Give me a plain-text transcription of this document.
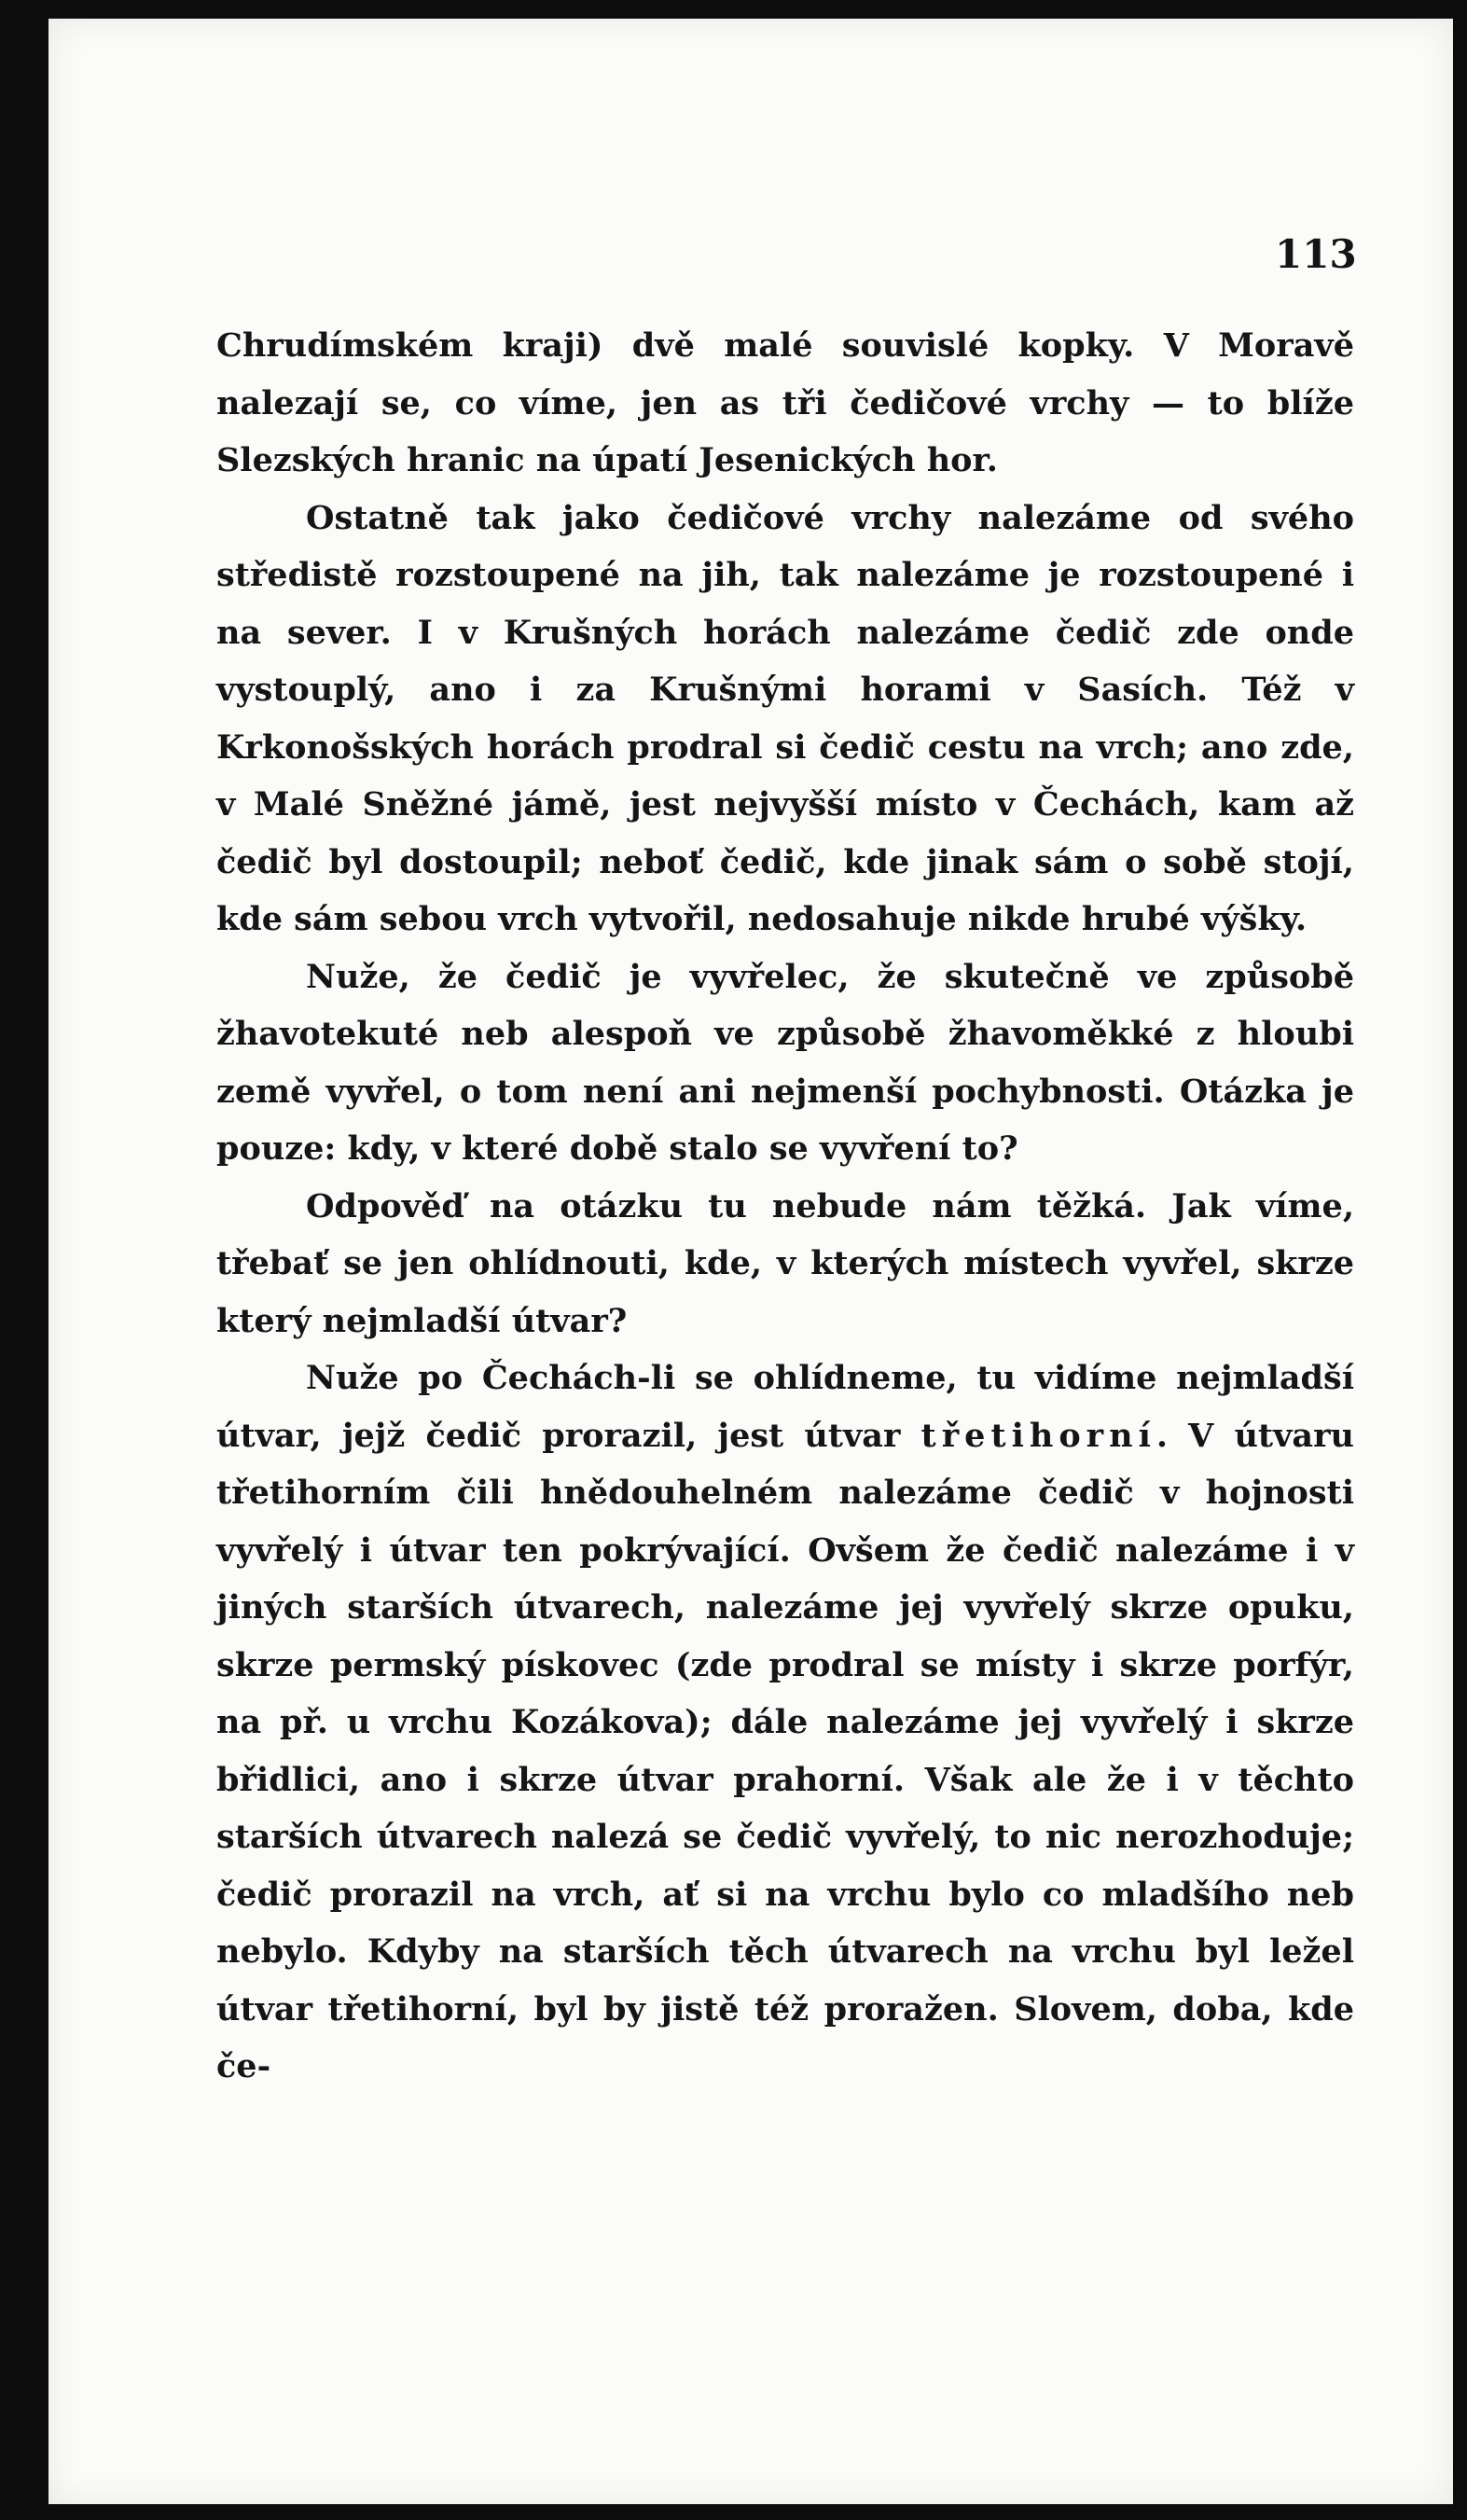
113

Chrudímském kraji) dvě malé souvislé kopky. V Moravě nalezají se, co víme, jen as tři čedičové vrchy — to blíže Slezských hranic na úpatí Jesenických hor.

Ostatně tak jako čedičové vrchy nalezáme od svého středistě rozstoupené na jih, tak nalezáme je rozstoupené i na sever. I v Krušných horách nalezáme čedič zde onde vystouplý, ano i za Krušnými horami v Sasích. Též v Krkonošských horách prodral si čedič cestu na vrch; ano zde, v Malé Sněžné jámě, jest nejvyšší místo v Čechách, kam až čedič byl dostoupil; neboť čedič, kde jinak sám o sobě stojí, kde sám sebou vrch vytvořil, nedosahuje nikde hrubé výšky.

Nuže, že čedič je vyvřelec, že skutečně ve způsobě žhavotekuté neb alespoň ve způsobě žhavoměkké z hloubi země vyvřel, o tom není ani nejmenší pochybnosti. Otázka je pouze: kdy, v které době stalo se vyvření to?

Odpověď na otázku tu nebude nám těžká. Jak víme, třebať se jen ohlídnouti, kde, v kterých místech vyvřel, skrze který nejmladší útvar?

Nuže po Čechách-li se ohlídneme, tu vidíme nejmladší útvar, jejž čedič prorazil, jest útvar třetihorní. V útvaru třetihorním čili hnědouhelném nalezáme čedič v hojnosti vyvřelý i útvar ten pokrývající. Ovšem že čedič nalezáme i v jiných starších útvarech, nalezáme jej vyvřelý skrze opuku, skrze permský pískovec (zde prodral se místy i skrze porfýr, na př. u vrchu Kozákova); dále nalezáme jej vyvřelý i skrze břidlici, ano i skrze útvar prahorní. Však ale že i v těchto starších útvarech nalezá se čedič vyvřelý, to nic nerozhoduje; čedič prorazil na vrch, ať si na vrchu bylo co mladšího neb nebylo. Kdyby na starších těch útvarech na vrchu byl ležel útvar třetihorní, byl by jistě též proražen. Slovem, doba, kde če-
